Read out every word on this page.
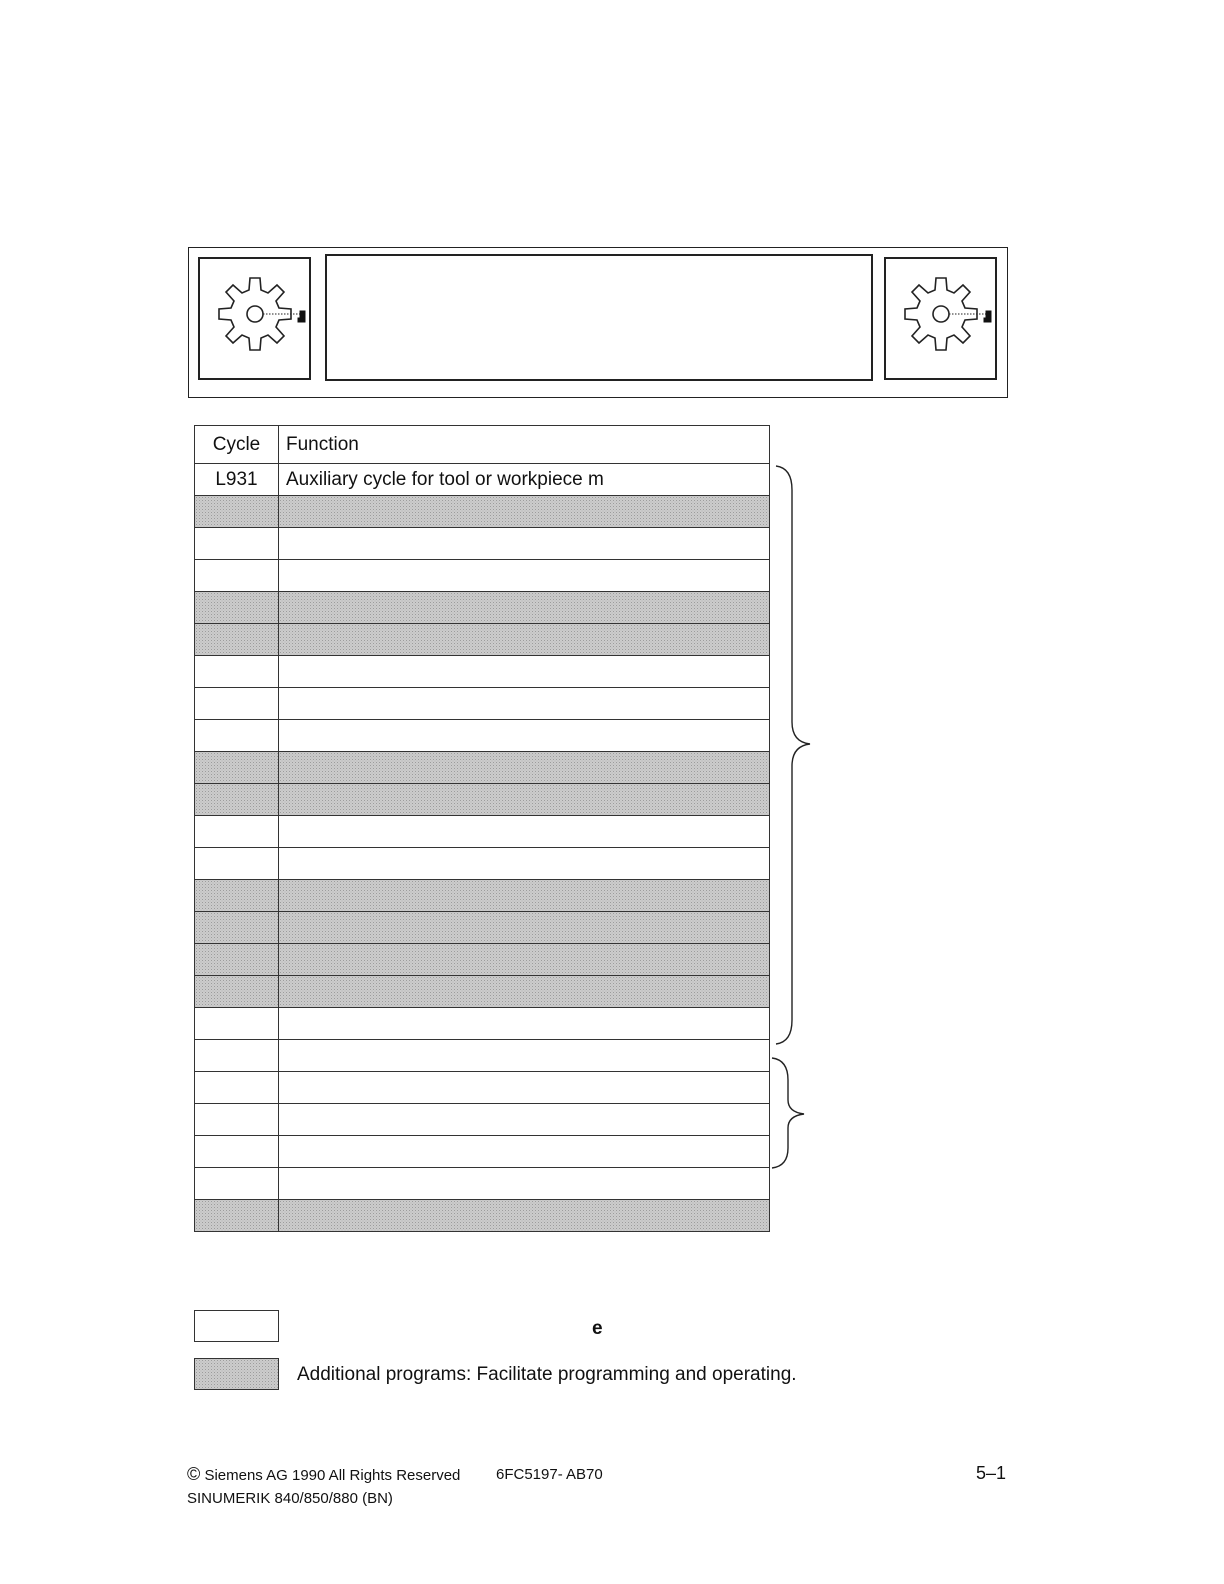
Cycle	Function
L931	Auxiliary cycle for tool or workpiece m

e
Additional programs: Facilitate programming and operating.
© Siemens AG 1990 All Rights Reserved 6FC5197- AB70
SINUMERIK 840/850/880 (BN)
5–1
